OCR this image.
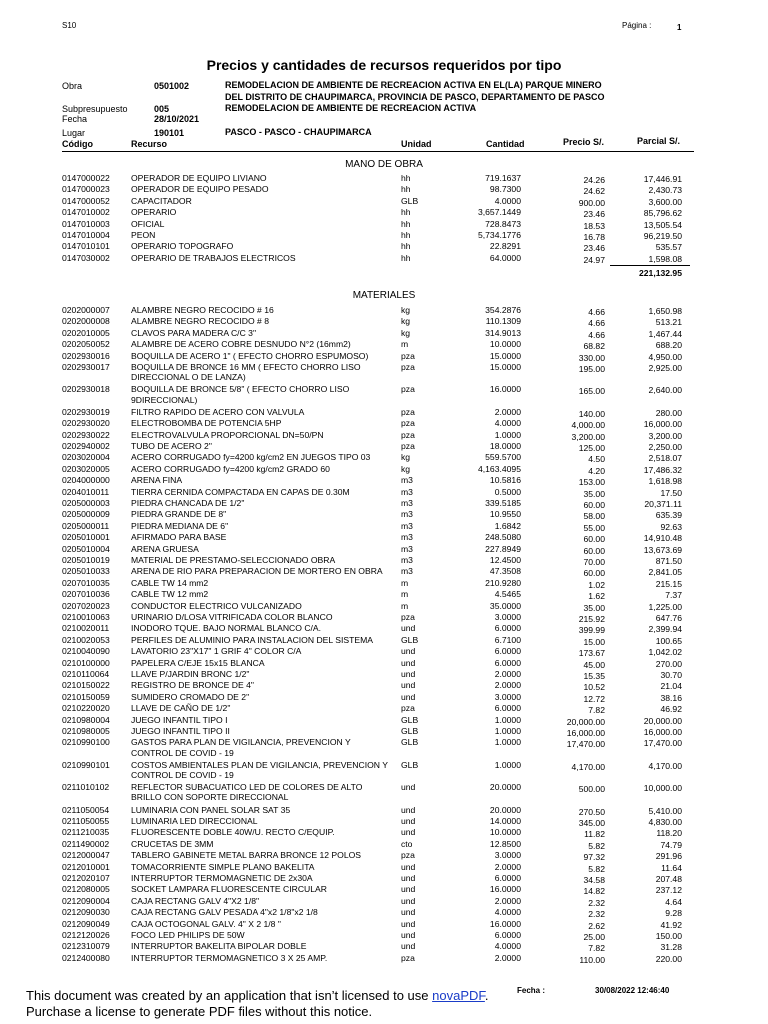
S10	Página :	1
Precios y cantidades de recursos requeridos por tipo
Obra	0501002	REMODELACION DE AMBIENTE DE RECREACION ACTIVA EN EL(LA) PARQUE MINERO
DEL DISTRITO DE CHAUPIMARCA, PROVINCIA DE PASCO, DEPARTAMENTO DE PASCO
Subpresupuesto	005	REMODELACION DE AMBIENTE DE RECREACION ACTIVA
Fecha	28/10/2021
Lugar	190101	PASCO - PASCO - CHAUPIMARCA
Código	Recurso	Unidad	Cantidad	Precio S/.	Parcial S/.
MANO DE OBRA
0147000022 OPERADOR DE EQUIPO LIVIANO	hh	719.1637	24.26	17,446.91
0147000023 OPERADOR DE EQUIPO PESADO	hh	98.7300	24.62	2,430.73
0147000052 CAPACITADOR	GLB	4.0000	900.00	3,600.00
0147010002 OPERARIO	hh	3,657.1449	23.46	85,796.62
0147010003 OFICIAL	hh	728.8473	18.53	13,505.54
0147010004 PEON	hh	5,734.1776	16.78	96,219.50
0147010101 OPERARIO TOPOGRAFO	hh	22.8291	23.46	535.57
0147030002 OPERARIO DE TRABAJOS ELECTRICOS	hh	64.0000	24.97	1,598.08
221,132.95
MATERIALES
0202000007 ALAMBRE NEGRO RECOCIDO # 16	kg	354.2876	4.66	1,650.98
0202000008 ALAMBRE NEGRO RECOCIDO # 8	kg	110.1309	4.66	513.21
0202010005 CLAVOS PARA MADERA C/C 3"	kg	314.9013	4.66	1,467.44
0202050052 ALAMBRE DE ACERO COBRE DESNUDO N°2 (16mm2)	m	10.0000	68.82	688.20
0202930016 BOQUILLA DE ACERO 1" ( EFECTO CHORRO ESPUMOSO)	pza	15.0000	330.00	4,950.00
0202930017 BOQUILLA DE BRONCE 16 MM ( EFECTO CHORRO LISO DIRECCIONAL O DE LANZA)
pza	15.0000	195.00	2,925.00
0202930018 BOQUILLA DE BRONCE 5/8" ( EFECTO CHORRO LISO 9DIRECCIONAL)
pza	16.0000	165.00	2,640.00
0202930019 FILTRO RAPIDO DE ACERO CON VALVULA	pza	2.0000	140.00	280.00
0202930020 ELECTROBOMBA DE POTENCIA 5HP	pza	4.0000	4,000.00	16,000.00
0202930022 ELECTROVALVULA PROPORCIONAL DN=50/PN	pza	1.0000	3,200.00	3,200.00
0202940002 TUBO DE ACERO 2"	pza	18.0000	125.00	2,250.00
0203020004 ACERO CORRUGADO fy=4200 kg/cm2 EN JUEGOS TIPO 03	kg	559.5700	4.50	2,518.07
0203020005 ACERO CORRUGADO fy=4200 kg/cm2 GRADO 60	kg	4,163.4095	4.20	17,486.32
0204000000 ARENA FINA	m3	10.5816	153.00	1,618.98
0204010011	TIERRA CERNIDA COMPACTADA EN CAPAS DE 0.30M	m3	0.5000	35.00	17.50
0205000003 PIEDRA CHANCADA DE 1/2"	m3	339.5185	60.00	20,371.11
0205000009 PIEDRA GRANDE DE 8"	m3	10.9550	58.00	635.39
0205000011	PIEDRA MEDIANA DE 6"	m3	1.6842	55.00	92.63
0205010001 AFIRMADO PARA BASE	m3	248.5080	60.00	14,910.48
0205010004 ARENA GRUESA	m3	227.8949	60.00	13,673.69
0205010019 MATERIAL DE PRESTAMO-SELECCIONADO OBRA	m3	12.4500	70.00	871.50
0205010033 ARENA DE RIO PARA PREPARACION DE MORTERO EN OBRA	m3	47.3508	60.00	2,841.05
0207010035 CABLE TW 14 mm2	m	210.9280	1.02	215.15
0207010036 CABLE TW 12 mm2	m	4.5465	1.62	7.37
0207020023 CONDUCTOR ELECTRICO VULCANIZADO	m	35.0000	35.00	1,225.00
0210010063 URINARIO D/LOSA VITRIFICADA COLOR BLANCO	pza	3.0000	215.92	647.76
0210020011	INODORO TQUE. BAJO NORMAL BLANCO C/A.	und	6.0000	399.99	2,399.94
0210020053 PERFILES DE ALUMINIO PARA INSTALACION DEL SISTEMA	GLB	6.7100	15.00	100.65
0210040090 LAVATORIO 23"X17" 1 GRIF 4" COLOR C/A	und	6.0000	173.67	1,042.02
0210100000 PAPELERA C/EJE 15x15 BLANCA	und	6.0000	45.00	270.00
0210110064	LLAVE P/JARDIN BRONC 1/2"	und	2.0000	15.35	30.70
0210150022 REGISTRO DE BRONCE DE 4"	und	2.0000	10.52	21.04
0210150059 SUMIDERO CROMADO DE 2"	und	3.0000	12.72	38.16
0210220020 LLAVE DE CAÑO DE 1/2"	pza	6.0000	7.82	46.92
0210980004 JUEGO INFANTIL TIPO I	GLB	1.0000	20,000.00	20,000.00
0210980005 JUEGO INFANTIL TIPO II	GLB	1.0000	16,000.00	16,000.00
0210990100 GASTOS PARA PLAN DE VIGILANCIA, PREVENCION Y CONTROL DE COVID - 19
GLB	1.0000	17,470.00	17,470.00
0210990101 COSTOS AMBIENTALES PLAN DE VIGILANCIA, PREVENCION Y CONTROL DE COVID - 19
GLB	1.0000	4,170.00	4,170.00
0211010102	REFLECTOR SUBACUATICO LED DE COLORES DE ALTO BRILLO CON SOPORTE DIRECCIONAL
und	20.0000	500.00	10,000.00
0211050054	LUMINARIA CON PANEL SOLAR SAT 35	und	20.0000	270.50	5,410.00
0211050055	LUMINARIA LED DIRECCIONAL	und	14.0000	345.00	4,830.00
0211210035	FLUORESCENTE DOBLE 40W/U. RECTO C/EQUIP.	und	10.0000	11.82	118.20
0211490002	CRUCETAS DE 3MM	cto	12.8500	5.82	74.79
0212000047 TABLERO GABINETE METAL BARRA BRONCE 12 POLOS	pza	3.0000	97.32	291.96
0212010001 TOMACORRIENTE SIMPLE PLANO BAKELITA	und	2.0000	5.82	11.64
0212020107 INTERRUPTOR TERMOMAGNETIC DE 2x30A	und	6.0000	34.58	207.48
0212080005 SOCKET LAMPARA FLUORESCENTE CIRCULAR	und	16.0000	14.82	237.12
0212090004 CAJA RECTANG GALV 4"X2 1/8"	und	2.0000	2.32	4.64
0212090030 CAJA RECTANG GALV PESADA 4"x2 1/8"x2 1/8	und	4.0000	2.32	9.28
0212090049 CAJA OCTOGONAL GALV. 4" X 2 1/8 "	und	16.0000	2.62	41.92
0212120026 FOCO LED PHILIPS DE 50W	und	6.0000	25.00	150.00
0212310079 INTERRUPTOR BAKELITA BIPOLAR DOBLE	und	4.0000	7.82	31.28
0212400080 INTERRUPTOR TERMOMAGNETICO 3 X 25 AMP.	pza	2.0000	110.00	220.00
Fecha :	30/08/2022 12:46:40
This document was created by an application that isn’t licensed to use novaPDF.
Purchase a license to generate PDF files without this notice.
